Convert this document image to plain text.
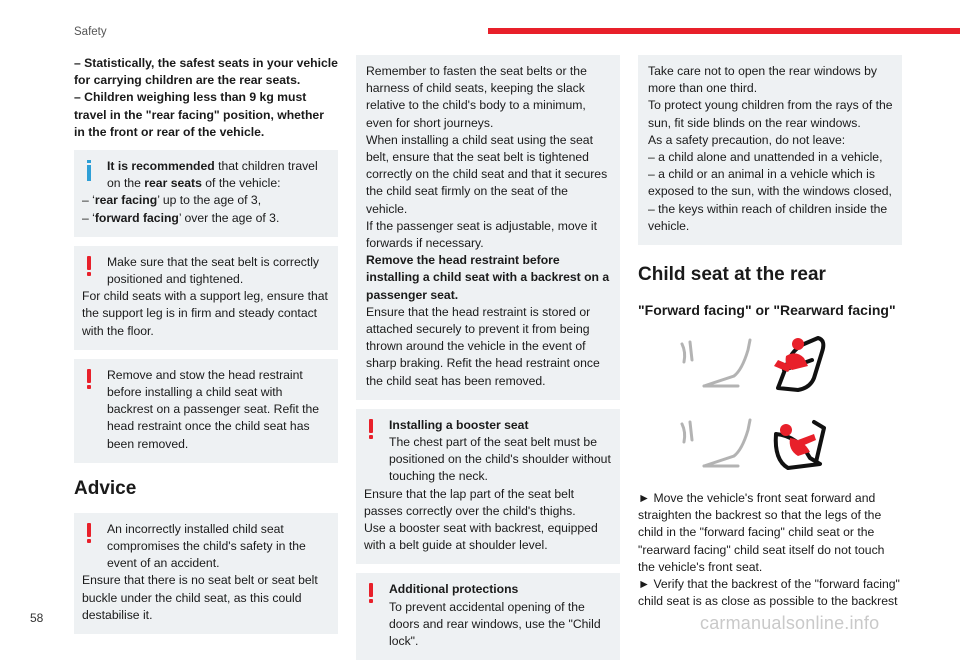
Safety

– Statistically, the safest seats in your vehicle for carrying children are the rear seats.

– Children weighing less than 9 kg must travel in the "rear facing" position, whether in the front or rear of the vehicle.

It is recommended that children travel on the rear seats of the vehicle:

– ‘rear facing’ up to the age of 3,

– ‘forward facing’ over the age of 3.

Make sure that the seat belt is correctly positioned and tightened.

For child seats with a support leg, ensure that the support leg is in firm and steady contact with the floor.

Remove and stow the head restraint before installing a child seat with backrest on a passenger seat. Refit the head restraint once the child seat has been removed.

Advice

An incorrectly installed child seat compromises the child's safety in the event of an accident.

Ensure that there is no seat belt or seat belt buckle under the child seat, as this could destabilise it.

Remember to fasten the seat belts or the harness of child seats, keeping the slack relative to the child's body to a minimum, even for short journeys.

When installing a child seat using the seat belt, ensure that the seat belt is tightened correctly on the child seat and that it secures the child seat firmly on the seat of the vehicle.

If the passenger seat is adjustable, move it forwards if necessary.

Remove the head restraint before installing a child seat with a backrest on a passenger seat.

Ensure that the head restraint is stored or attached securely to prevent it from being thrown around the vehicle in the event of sharp braking. Refit the head restraint once the child seat has been removed.

Installing a booster seat

The chest part of the seat belt must be positioned on the child's shoulder without touching the neck.

Ensure that the lap part of the seat belt passes correctly over the child's thighs.

Use a booster seat with backrest, equipped with a belt guide at shoulder level.

Additional protections

To prevent accidental opening of the doors and rear windows, use the "Child lock".

Take care not to open the rear windows by more than one third.

To protect young children from the rays of the sun, fit side blinds on the rear windows.

As a safety precaution, do not leave:

– a child alone and unattended in a vehicle,

– a child or an animal in a vehicle which is exposed to the sun, with the windows closed,

– the keys within reach of children inside the vehicle.

Child seat at the rear
"Forward facing" or "Rearward facing"

► Move the vehicle's front seat forward and straighten the backrest so that the legs of the child in the "forward facing" child seat or the "rearward facing" child seat itself do not touch the vehicle's front seat.

► Verify that the backrest of the "forward facing" child seat is as close as possible to the backrest

58	carmanualsonline.info
